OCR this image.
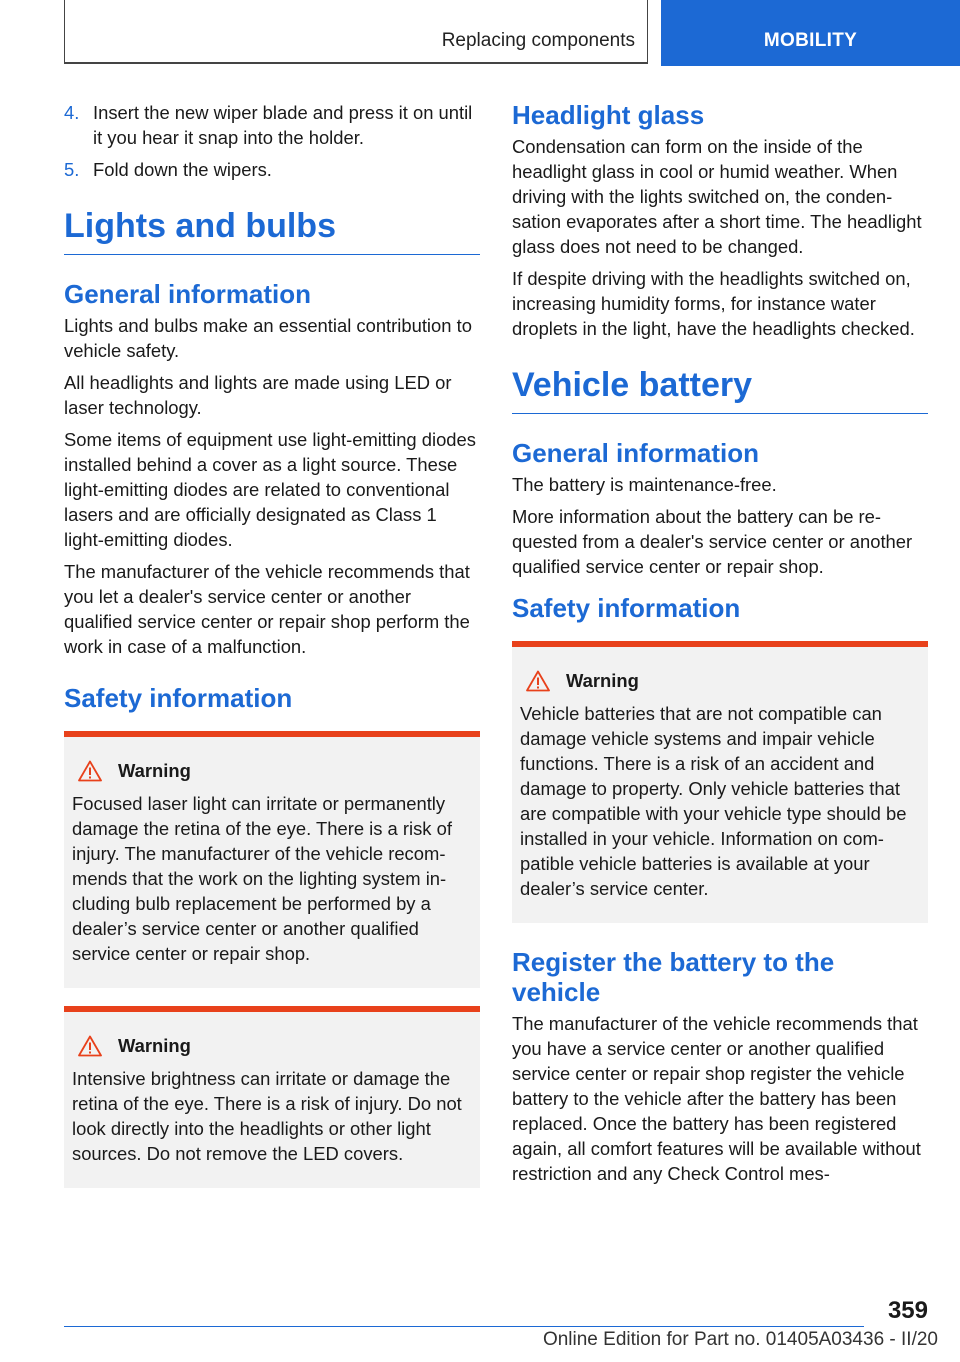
Replacing components	MOBILITY
4. Insert the new wiper blade and press it on until it you hear it snap into the holder.
5. Fold down the wipers.
Lights and bulbs
General information

Lights and bulbs make an essential contribution to vehicle safety.

All headlights and lights are made using LED or laser technology.

Some items of equipment use light-emitting diodes installed behind a cover as a light source. These light-emitting diodes are related to conventional lasers and are officially designated as Class 1 light-emitting diodes.

The manufacturer of the vehicle recommends that you let a dealer's service center or another qualified service center or repair shop perform the work in case of a malfunction.

Safety information
Warning

Focused laser light can irritate or permanently damage the retina of the eye. There is a risk of injury. The manufacturer of the vehicle recommends that the work on the lighting system including bulb replacement be performed by a dealer’s service center or another qualified service center or repair shop.

Warning

Intensive brightness can irritate or damage the retina of the eye. There is a risk of injury. Do not look directly into the headlights or other light sources. Do not remove the LED covers.

Headlight glass

Condensation can form on the inside of the headlight glass in cool or humid weather. When driving with the lights switched on, the condensation evaporates after a short time. The headlight glass does not need to be changed.

If despite driving with the headlights switched on, increasing humidity forms, for instance water droplets in the light, have the headlights checked.

Vehicle battery
General information

The battery is maintenance-free.

More information about the battery can be requested from a dealer's service center or another qualified service center or repair shop.

Safety information
Warning

Vehicle batteries that are not compatible can damage vehicle systems and impair vehicle functions. There is a risk of an accident and damage to property. Only vehicle batteries that are compatible with your vehicle type should be installed in your vehicle. Information on compatible vehicle batteries is available at your dealer’s service center.

Register the battery to the vehicle

The manufacturer of the vehicle recommends that you have a service center or another qualified service center or repair shop register the vehicle battery to the vehicle after the battery has been replaced. Once the battery has been registered again, all comfort features will be available without restriction and any Check Control mes-

359
Online Edition for Part no. 01405A03436 - II/20
